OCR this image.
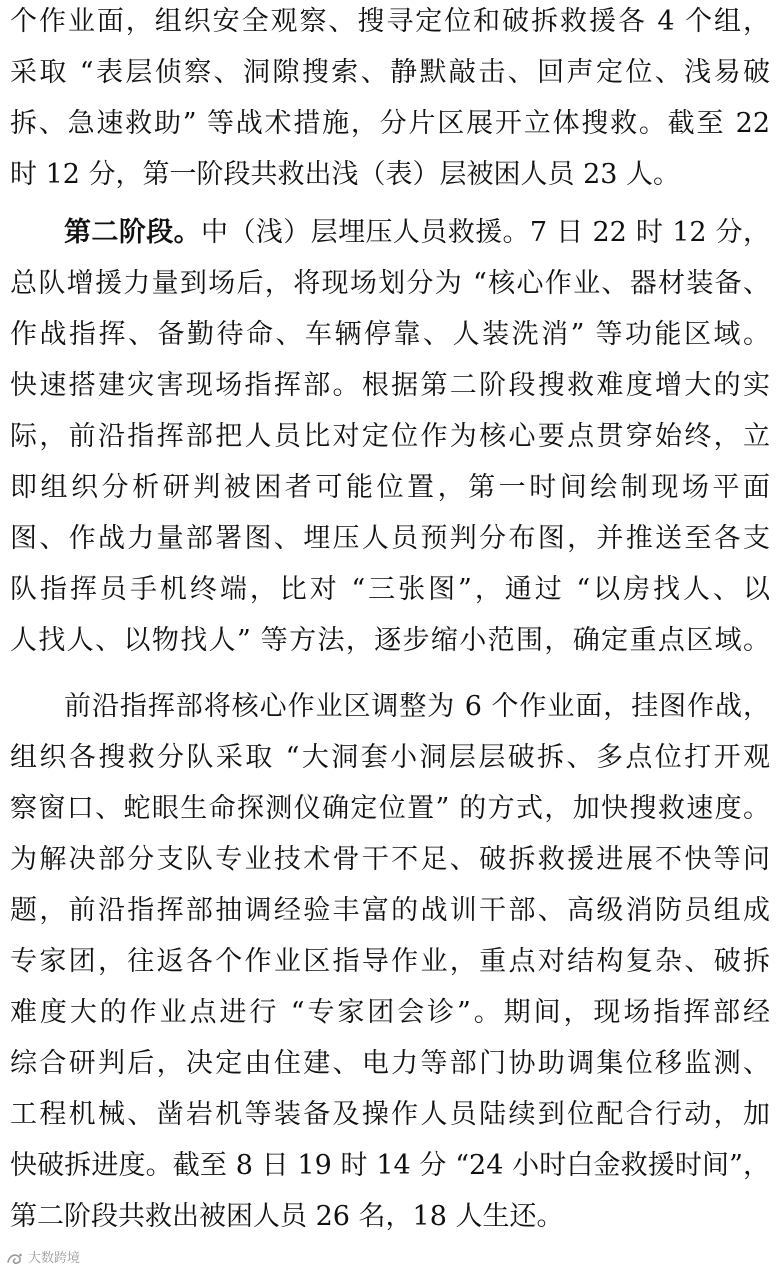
个作业面，组织安全观察、搜寻定位和破拆救援各 4 个组，
采取 “表层侦察、洞隙搜索、静默敲击、回声定位、浅易破
拆、急速救助” 等战术措施，分片区展开立体搜救。截至 22
时 12 分，第一阶段共救出浅（表）层被困人员 23 人。
第二阶段。中（浅）层埋压人员救援。7 日 22 时 12 分，
总队增援力量到场后，将现场划分为 “核心作业、器材装备、
作战指挥、备勤待命、车辆停靠、人装洗消” 等功能区域。
快速搭建灾害现场指挥部。根据第二阶段搜救难度增大的实
际，前沿指挥部把人员比对定位作为核心要点贯穿始终，立
即组织分析研判被困者可能位置，第一时间绘制现场平面
图、作战力量部署图、埋压人员预判分布图，并推送至各支
队指挥员手机终端，比对 “三张图”，通过 “以房找人、以
人找人、以物找人” 等方法，逐步缩小范围，确定重点区域。
前沿指挥部将核心作业区调整为 6 个作业面，挂图作战，
组织各搜救分队采取 “大洞套小洞层层破拆、多点位打开观
察窗口、蛇眼生命探测仪确定位置” 的方式，加快搜救速度。
为解决部分支队专业技术骨干不足、破拆救援进展不快等问
题，前沿指挥部抽调经验丰富的战训干部、高级消防员组成
专家团，往返各个作业区指导作业，重点对结构复杂、破拆
难度大的作业点进行 “专家团会诊”。期间，现场指挥部经
综合研判后，决定由住建、电力等部门协助调集位移监测、
工程机械、凿岩机等装备及操作人员陆续到位配合行动，加
快破拆进度。截至 8 日 19 时 14 分 “24 小时白金救援时间”，
第二阶段共救出被困人员 26 名，18 人生还。
大数跨境
